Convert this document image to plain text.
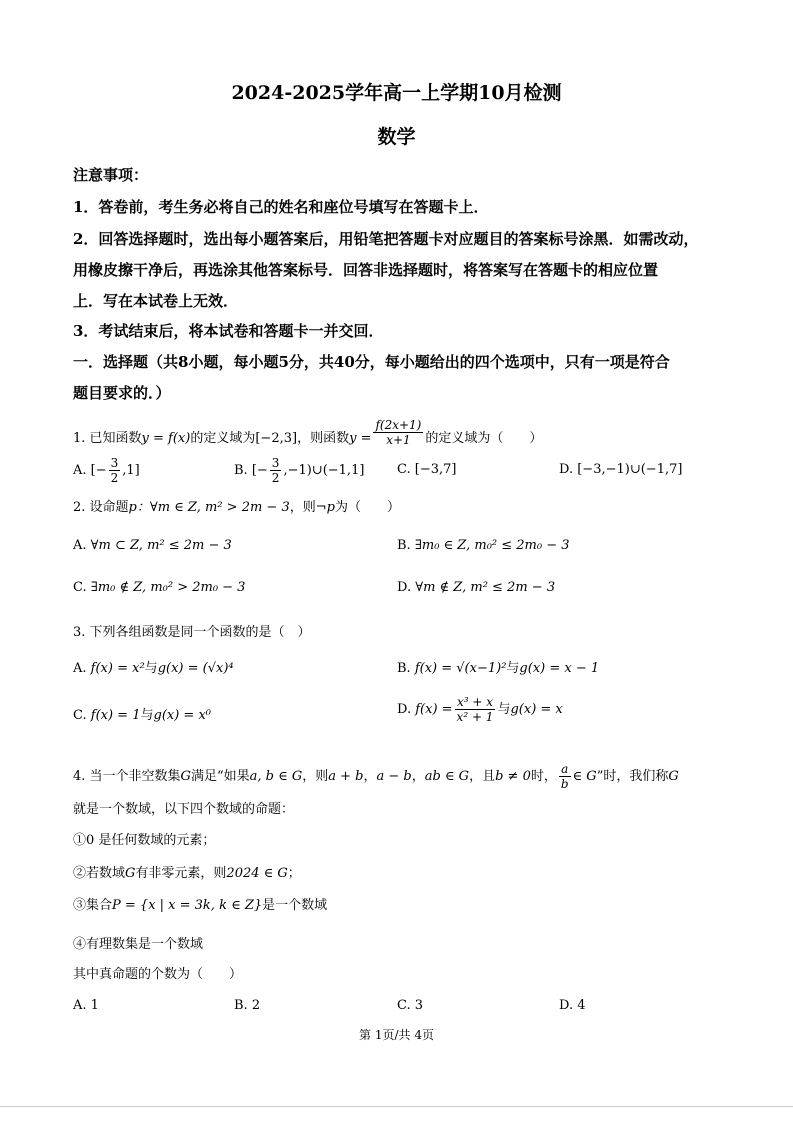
2024-2025学年高一上学期10月检测
数学
注意事项：
1．答卷前，考生务必将自己的姓名和座位号填写在答题卡上．
2．回答选择题时，选出每小题答案后，用铅笔把答题卡对应题目的答案标号涂黑．如需改动，
用橡皮擦干净后，再选涂其他答案标号．回答非选择题时，将答案写在答题卡的相应位置
上．写在本试卷上无效．
3．考试结束后，将本试卷和答题卡一并交回．
一．选择题（共8小题，每小题5分，共40分，每小题给出的四个选项中，只有一项是符合
题目要求的．）
1. 已知函数y = f(x)的定义域为[−2,3]，则函数$y = \frac{f(2x+1)}{x+1}$ 的定义域为（　　）
A. [− $\frac{3}{2} ,1$]	B. [− $\frac{3}{2}$ ,−1)∪(−1,1]	C. [−3,7]	D. [−3,−1)∪(−1,7]
2. 设命题p：∀m ∈ Z, m² > 2m − 3，则¬p为（　　）
A. ∀m ⊂ Z, m² ≤ 2m − 3	B. ∃m₀ ∈ Z, m₀² ≤ 2m₀ − 3
C. ∃m₀ ∉ Z, m₀² > 2m₀ − 3	D. ∀m ∉ Z, m² ≤ 2m − 3
3. 下列各组函数是同一个函数的是（　）
A. f(x) = x²与g(x) = (√x)⁴	B. f(x) = √(x−1)²与g(x) = x − 1
C. f(x) = 1与g(x) = x⁰	D. $f(x) = \frac{\text{x³ + x}}{\text{x² + 1}}$ 与g(x) = x
4. 当一个非空数集G满足“如果a, b ∈ G，则a + b，a − b，ab ∈ G，且b ≠ 0时， $\frac{a}{b}$ ∈ G”时，我们称G
就是一个数域，以下四个数域的命题：
①0 是任何数域的元素；
②若数域G有非零元素，则2024 ∈ G；
③集合P = {x | x = 3k, k ∈ Z}是一个数域
④有理数集是一个数域
其中真命题的个数为（　　）
A. 1	B. 2	C. 3	D. 4
第 1页/共 4页
